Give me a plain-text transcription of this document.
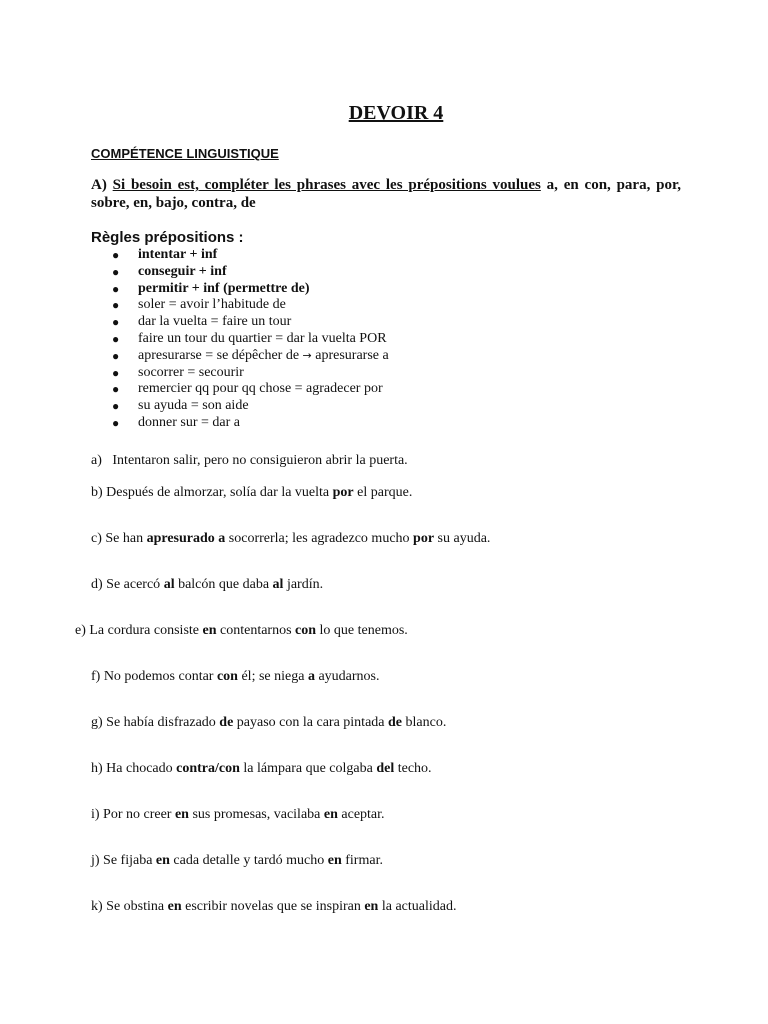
DEVOIR 4
COMPÉTENCE LINGUISTIQUE
A) Si besoin est, compléter les phrases avec les prépositions voulues a, en con, para, por, sobre, en, bajo, contra, de
Règles prépositions :
● intentar + inf
● conseguir + inf
● permitir + inf (permettre de)
● soler = avoir l’habitude de
● dar la vuelta = faire un tour
● faire un tour du quartier = dar la vuelta POR
● apresurarse = se dépêcher de → apresurarse a
● socorrer = secourir
● remercier qq pour qq chose = agradecer por
● su ayuda = son aide
● donner sur = dar a
a) Intentaron salir, pero no consiguieron abrir la puerta.
b) Después de almorzar, solía dar la vuelta por el parque.
c) Se han apresurado a socorrerla; les agradezco mucho por su ayuda.
d) Se acercó al balcón que daba al jardín.
e) La cordura consiste en contentarnos con lo que tenemos.
f) No podemos contar con él; se niega a ayudarnos.
g) Se había disfrazado de payaso con la cara pintada de blanco.
h) Ha chocado contra/con la lámpara que colgaba del techo.
i) Por no creer en sus promesas, vacilaba en aceptar.
j) Se fijaba en cada detalle y tardó mucho en firmar.
k) Se obstina en escribir novelas que se inspiran en la actualidad.
